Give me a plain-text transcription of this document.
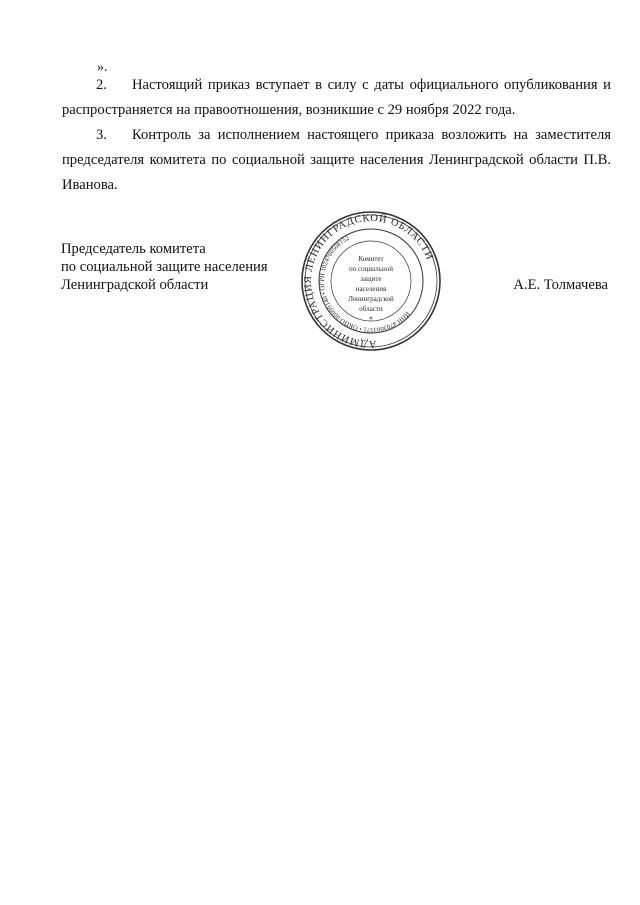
».
2. Настоящий приказ вступает в силу с даты официального опубликования и распространяется на правоотношения, возникшие с 29 ноября 2022 года.
3. Контроль за исполнением настоящего приказа возложить на заместителя председателя комитета по социальной защите населения Ленинградской области П.В. Иванова.
Председатель комитета
по социальной защите населения
Ленинградской области
АДМИНИСТРАЦИЯ ЛЕНИНГРАДСКОЙ ОБЛАСТИ
ИНН 4703003571 • ОКПО 00099140 • ОГРН 1024700508152
Комитет
по социальной
защите
населения
Ленинградской
области
*
А.Е. Толмачева
